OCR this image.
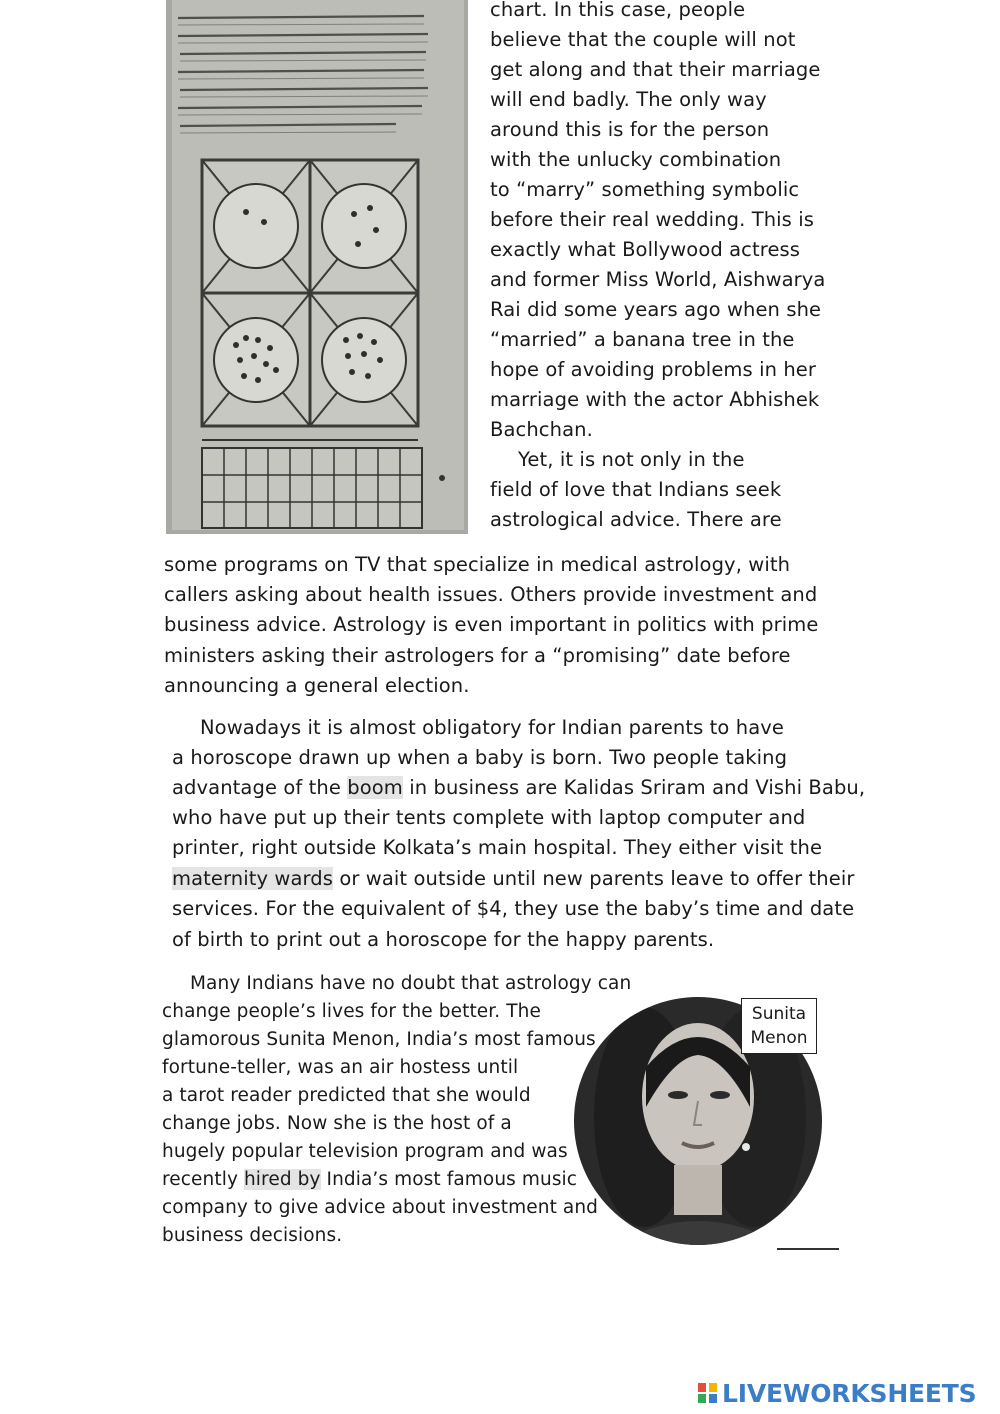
chart. In this case, people
believe that the couple will not
get along and that their marriage
will end badly. The only way
around this is for the person
with the unlucky combination
to “marry” something symbolic
before their real wedding. This is
exactly what Bollywood actress
and former Miss World, Aishwarya
Rai did some years ago when she
“married” a banana tree in the
hope of avoiding problems in her
marriage with the actor Abhishek
Bachchan.
Yet, it is not only in the
field of love that Indians seek
astrological advice. There are
some programs on TV that specialize in medical astrology, with
callers asking about health issues. Others provide investment and
business advice. Astrology is even important in politics with prime
ministers asking their astrologers for a “promising” date before
announcing a general election.
Nowadays it is almost obligatory for Indian parents to have
a horoscope drawn up when a baby is born. Two people taking
advantage of the boom in business are Kalidas Sriram and Vishi Babu,
who have put up their tents complete with laptop computer and
printer, right outside Kolkata’s main hospital. They either visit the
maternity wards or wait outside until new parents leave to offer their
services. For the equivalent of $4, they use the baby’s time and date
of birth to print out a horoscope for the happy parents.
Many Indians have no doubt that astrology can
change people’s lives for the better. The
glamorous Sunita Menon, India’s most famous
fortune-teller, was an air hostess until
a tarot reader predicted that she would
change jobs. Now she is the host of a
hugely popular television program and was
recently hired by India’s most famous music
company to give advice about investment and
business decisions.
Sunita
Menon
LIVEWORKSHEETS
